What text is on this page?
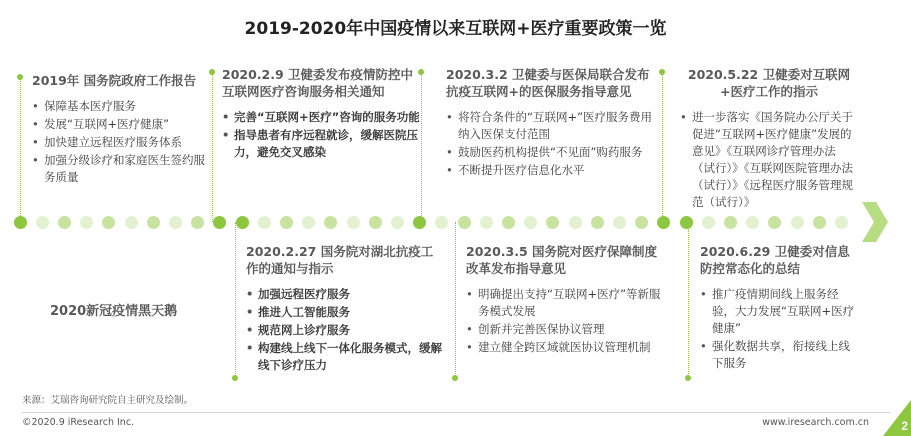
2019-2020年中国疫情以来互联网+医疗重要政策一览
2019年 国务院政府工作报告
• 保障基本医疗服务
• 发展“互联网+医疗健康”
• 加快建立远程医疗服务体系
• 加强分级诊疗和家庭医生签约服务质量
2020.2.9 卫健委发布疫情防控中互联网医疗咨询服务相关通知
• 完善“互联网+医疗”咨询的服务功能
• 指导患者有序远程就诊，缓解医院压力，避免交叉感染
2020.3.2 卫健委与医保局联合发布抗疫互联网+的医保服务指导意见
• 将符合条件的“互联网+”医疗服务费用纳入医保支付范围
• 鼓励医药机构提供“不见面”购药服务
• 不断提升医疗信息化水平
2020.5.22 卫健委对互联网+医疗工作的指示
• 进一步落实《国务院办公厅关于促进“互联网+医疗健康”发展的意见》《互联网诊疗管理办法（试行）》《互联网医院管理办法（试行）》《远程医疗服务管理规范（试行）》
2020新冠疫情黑天鹅
2020.2.27 国务院对湖北抗疫工作的通知与指示
• 加强远程医疗服务
• 推进人工智能服务
• 规范网上诊疗服务
• 构建线上线下一体化服务模式，缓解线下诊疗压力
2020.3.5 国务院对医疗保障制度改革发布指导意见
• 明确提出支持“互联网+医疗”等新服务模式发展
• 创新并完善医保协议管理
• 建立健全跨区域就医协议管理机制
2020.6.29 卫健委对信息防控常态化的总结
• 推广疫情期间线上服务经验，大力发展“互联网+医疗健康”
• 强化数据共享，衔接线上线下服务
来源：艾瑞咨询研究院自主研究及绘制。
©2020.9 iResearch Inc.	www.iresearch.com.cn	2
